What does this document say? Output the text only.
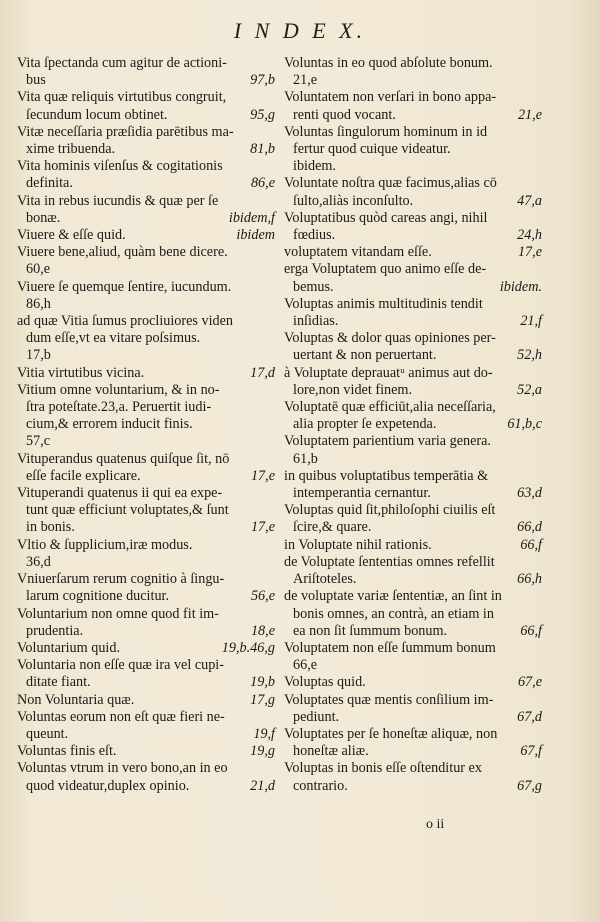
I N D E X.
Vita ſpectanda cum agitur de actioni-
bus	97,b
Vita quæ reliquis virtutibus congruit,
ſecundum locum obtinet.	95,g
Vitæ neceſſaria præſidia parētibus ma-
xime tribuenda.	81,b
Vita hominis viſenſus & cogitationis
definita.	86,e
Vita in rebus iucundis & quæ per ſe
bonæ.	ibidem,f
Viuere & eſſe quid.	ibidem
Viuere bene,aliud, quàm bene dicere.
60,e
Viuere ſe quemque ſentire, iucundum.
86,h
ad quæ Vitia ſumus procliuiores viden
dum eſſe,vt ea vitare poſsimus.
17,b
Vitia virtutibus vicina.	17,d
Vitium omne voluntarium, & in no-
ſtra poteſtate.23,a. Peruertit iudi-
cium,& errorem inducit finis.
57,c
Vituperandus quatenus quiſque ſit, nō
eſſe facile explicare.	17,e
Vituperandi quatenus ii qui ea expe-
tunt quæ efficiunt voluptates,& ſunt
in bonis.	17,e
Vltio & ſupplicium,iræ modus.
36,d
Vniuerſarum rerum cognitio à ſingu-
larum cognitione ducitur.	56,e
Voluntarium non omne quod fit im-
prudentia.	18,e
Voluntarium quid.	19,b.46,g
Voluntaria non eſſe quæ ira vel cupi-
ditate fiant.	19,b
Non Voluntaria quæ.	17,g
Voluntas eorum non eſt quæ fieri ne-
queunt.	19,f
Voluntas finis eſt.	19,g
Voluntas vtrum in vero bono,an in eo
quod videatur,duplex opinio.	21,d
Voluntas in eo quod abſolute bonum.
21,e
Voluntatem non verſari in bono appa-
renti quod vocant.	21,e
Voluntas ſingulorum hominum in id
fertur quod cuique videatur.
ibidem.
Voluntate noſtra quæ facimus,alias cō
ſulto,aliàs inconſulto.	47,a
Voluptatibus quòd careas angi, nihil
fœdius.	24,h
voluptatem vitandam eſſe.	17,e
erga Voluptatem quo animo eſſe de-
bemus.	ibidem.
Voluptas animis multitudinis tendit
inſidias.	21,f
Voluptas & dolor quas opiniones per-
uertant & non peruertant.	52,h
à Voluptate deprauatᵘ animus aut do-
lore,non videt finem.	52,a
Voluptatē quæ efficiūt,alia neceſſaria,
alia propter ſe expetenda.	61,b,c
Voluptatem parientium varia genera.
61,b
in quibus voluptatibus temperātia &
intemperantia cernantur.	63,d
Voluptas quid ſit,philoſophi ciuilis eſt
ſcire,& quare.	66,d
in Voluptate nihil rationis.	66,f
de Voluptate ſententias omnes refellit
Ariſtoteles.	66,h
de voluptate variæ ſententiæ, an ſint in
bonis omnes, an contrà, an etiam in
ea non ſit ſummum bonum.	66,f
Voluptatem non eſſe ſummum bonum
66,e
Voluptas quid.	67,e
Voluptates quæ mentis conſilium im-
pediunt.	67,d
Voluptates per ſe honeſtæ aliquæ, non
honeſtæ aliæ.	67,f
Voluptas in bonis eſſe oſtenditur ex
contrario.	67,g
o ii
